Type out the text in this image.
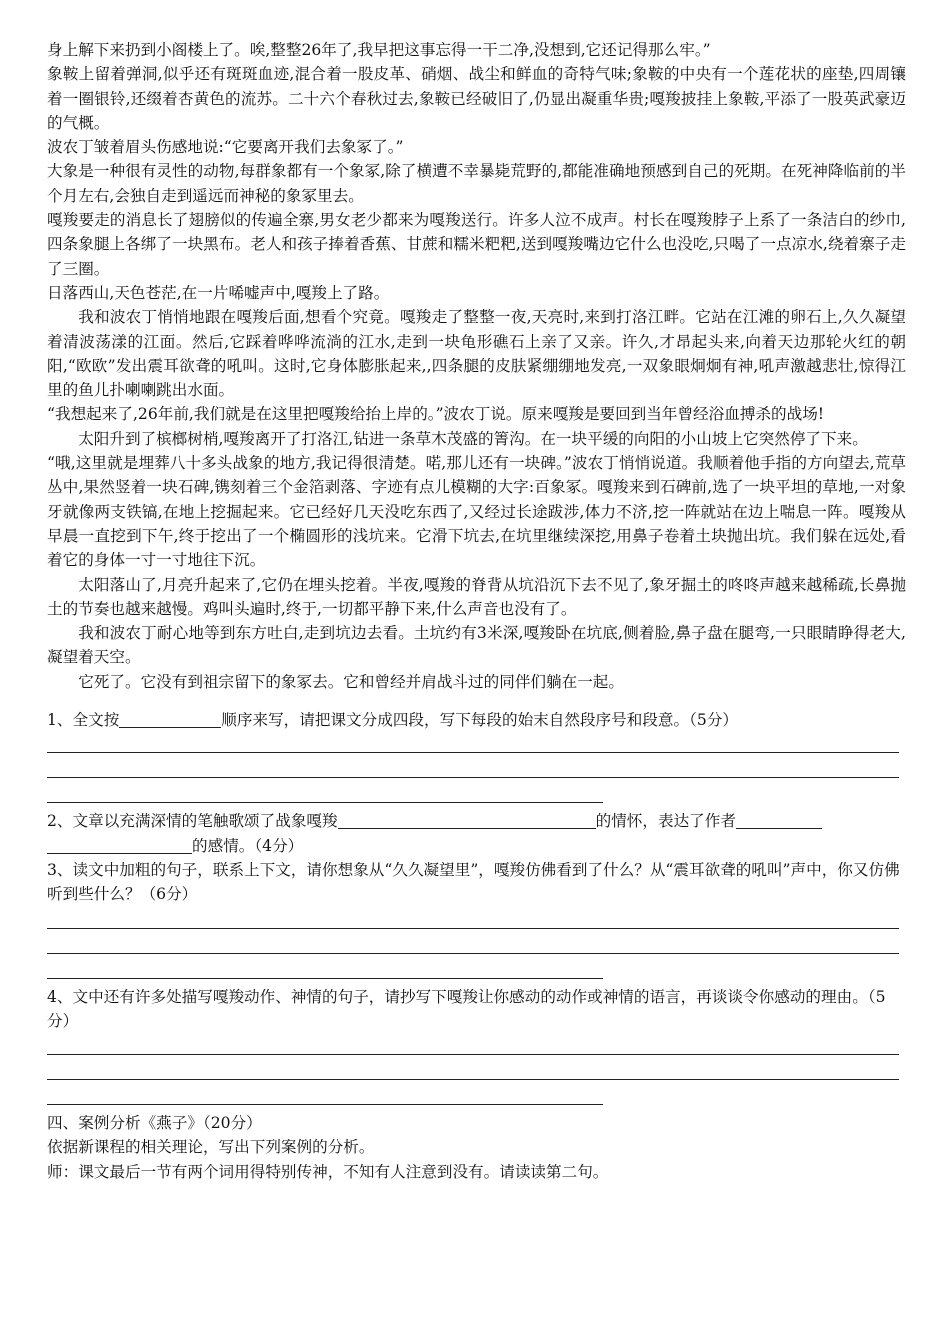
身上解下来扔到小阁楼上了。唉,整整26年了,我早把这事忘得一干二净,没想到,它还记得那么牢。”

象鞍上留着弹洞,似乎还有斑斑血迹,混合着一股皮革、硝烟、战尘和鲜血的奇特气味;象鞍的中央有一个莲花状的座垫,四周镶着一圈银铃,还缀着杏黄色的流苏。二十六个春秋过去,象鞍已经破旧了,仍显出凝重华贵;嘎羧披挂上象鞍,平添了一股英武豪迈的气概。

波农丁皱着眉头伤感地说:“它要离开我们去象冢了。”

大象是一种很有灵性的动物,每群象都有一个象冢,除了横遭不幸暴毙荒野的,都能准确地预感到自己的死期。在死神降临前的半个月左右,会独自走到遥远而神秘的象冢里去。

嘎羧要走的消息长了翅膀似的传遍全寨,男女老少都来为嘎羧送行。许多人泣不成声。村长在嘎羧脖子上系了一条洁白的纱巾,四条象腿上各绑了一块黑布。老人和孩子捧着香蕉、甘蔗和糯米粑粑,送到嘎羧嘴边它什么也没吃,只喝了一点凉水,绕着寨子走了三圈。

日落西山,天色苍茫,在一片唏嘘声中,嘎羧上了路。

我和波农丁悄悄地跟在嘎羧后面,想看个究竟。嘎羧走了整整一夜,天亮时,来到打洛江畔。它站在江滩的卵石上,久久凝望着清波荡漾的江面。然后,它踩着哗哗流淌的江水,走到一块龟形礁石上亲了又亲。许久,才昂起头来,向着天边那轮火红的朝阳,“欧欧”发出震耳欲聋的吼叫。这时,它身体膨胀起来,,四条腿的皮肤紧绷绷地发亮,一双象眼炯炯有神,吼声激越悲壮,惊得江里的鱼儿扑喇喇跳出水面。

“我想起来了,26年前,我们就是在这里把嘎羧给抬上岸的。”波农丁说。原来嘎羧是要回到当年曾经浴血搏杀的战场!

太阳升到了槟榔树梢,嘎羧离开了打洛江,钻进一条草木茂盛的箐沟。在一块平缓的向阳的小山坡上它突然停了下来。

“哦,这里就是埋葬八十多头战象的地方,我记得很清楚。喏,那儿还有一块碑。”波农丁悄悄说道。我顺着他手指的方向望去,荒草丛中,果然竖着一块石碑,镌刻着三个金箔剥落、字迹有点儿模糊的大字:百象冢。嘎羧来到石碑前,选了一块平坦的草地,一对象牙就像两支铁镐,在地上挖掘起来。它已经好几天没吃东西了,又经过长途跋涉,体力不济,挖一阵就站在边上喘息一阵。嘎羧从早晨一直挖到下午,终于挖出了一个椭圆形的浅坑来。它滑下坑去,在坑里继续深挖,用鼻子卷着土块抛出坑。我们躲在远处,看着它的身体一寸一寸地往下沉。

太阳落山了,月亮升起来了,它仍在埋头挖着。半夜,嘎羧的脊背从坑沿沉下去不见了,象牙掘土的咚咚声越来越稀疏,长鼻抛土的节奏也越来越慢。鸡叫头遍时,终于,一切都平静下来,什么声音也没有了。

我和波农丁耐心地等到东方吐白,走到坑边去看。土坑约有3米深,嘎羧卧在坑底,侧着脸,鼻子盘在腿弯,一只眼睛睁得老大,凝望着天空。

它死了。它没有到祖宗留下的象冢去。它和曾经并肩战斗过的同伴们躺在一起。

1、全文按	顺序来写，请把课文分成四段，写下每段的始末自然段序号和段意。（5分）

2、文章以充满深情的笔触歌颂了战象嘎羧	的情怀，表达了作者
的感情。（4分）

3、读文中加粗的句子，联系上下文，请你想象从“久久凝望里”，嘎羧仿佛看到了什么？从“震耳欲聋的吼叫”声中，你又仿佛听到些什么？（6分）

4、文中还有许多处描写嘎羧动作、神情的句子，请抄写下嘎羧让你感动的动作或神情的语言，再谈谈令你感动的理由。（5分）

四、案例分析《燕子》（20分）

依据新课程的相关理论，写出下列案例的分析。

师：课文最后一节有两个词用得特别传神，不知有人注意到没有。请读读第二句。
